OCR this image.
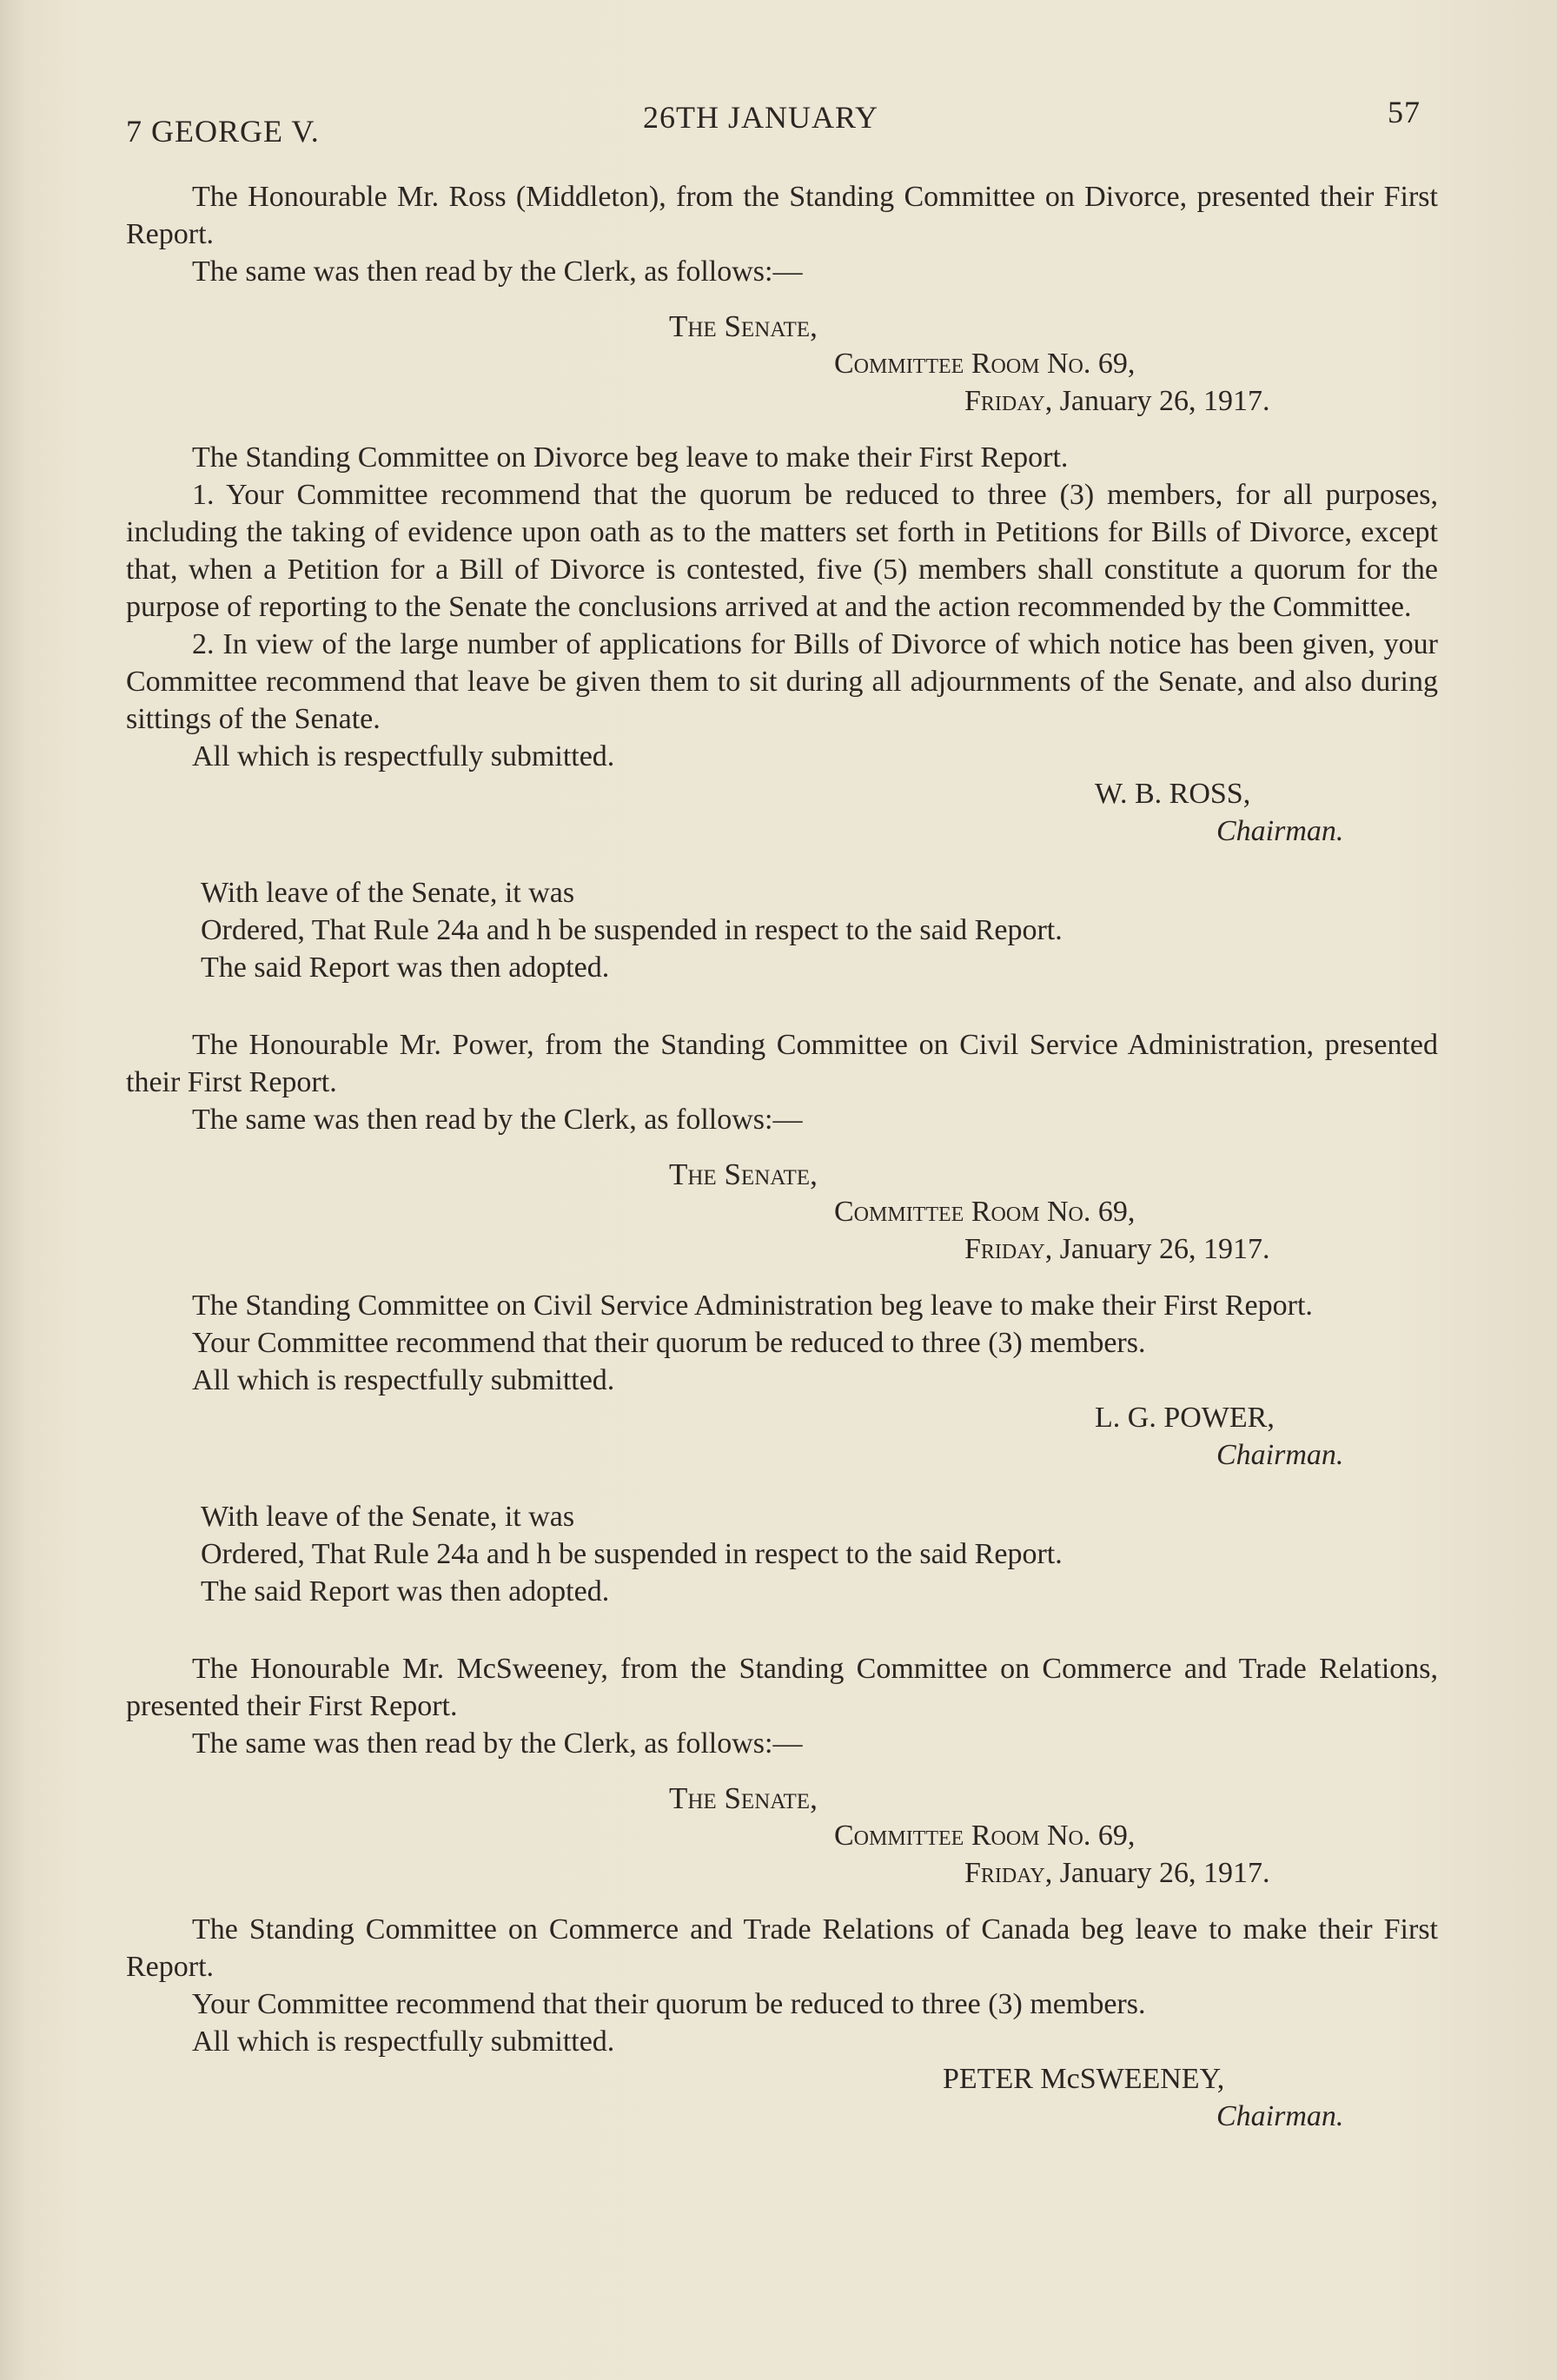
7 GEORGE V.	26TH JANUARY	57

The Honourable Mr. Ross (Middleton), from the Standing Committee on Divorce, presented their First Report.

The same was then read by the Clerk, as follows:—

The Senate,

Committee Room No. 69,

Friday, January 26, 1917.

The Standing Committee on Divorce beg leave to make their First Report.

1. Your Committee recommend that the quorum be reduced to three (3) members, for all purposes, including the taking of evidence upon oath as to the matters set forth in Petitions for Bills of Divorce, except that, when a Petition for a Bill of Divorce is contested, five (5) members shall constitute a quorum for the purpose of reporting to the Senate the conclusions arrived at and the action recommended by the Committee.

2. In view of the large number of applications for Bills of Divorce of which notice has been given, your Committee recommend that leave be given them to sit during all adjournments of the Senate, and also during sittings of the Senate.

All which is respectfully submitted.

W. B. ROSS,

Chairman.

With leave of the Senate, it was

Ordered, That Rule 24a and h be suspended in respect to the said Report.

The said Report was then adopted.

The Honourable Mr. Power, from the Standing Committee on Civil Service Administration, presented their First Report.

The same was then read by the Clerk, as follows:—

The Senate,

Committee Room No. 69,

Friday, January 26, 1917.

The Standing Committee on Civil Service Administration beg leave to make their First Report.

Your Committee recommend that their quorum be reduced to three (3) members.

All which is respectfully submitted.

L. G. POWER,

Chairman.

With leave of the Senate, it was

Ordered, That Rule 24a and h be suspended in respect to the said Report.

The said Report was then adopted.

The Honourable Mr. McSweeney, from the Standing Committee on Commerce and Trade Relations, presented their First Report.

The same was then read by the Clerk, as follows:—

The Senate,

Committee Room No. 69,

Friday, January 26, 1917.

The Standing Committee on Commerce and Trade Relations of Canada beg leave to make their First Report.

Your Committee recommend that their quorum be reduced to three (3) members.

All which is respectfully submitted.

PETER McSWEENEY,

Chairman.
